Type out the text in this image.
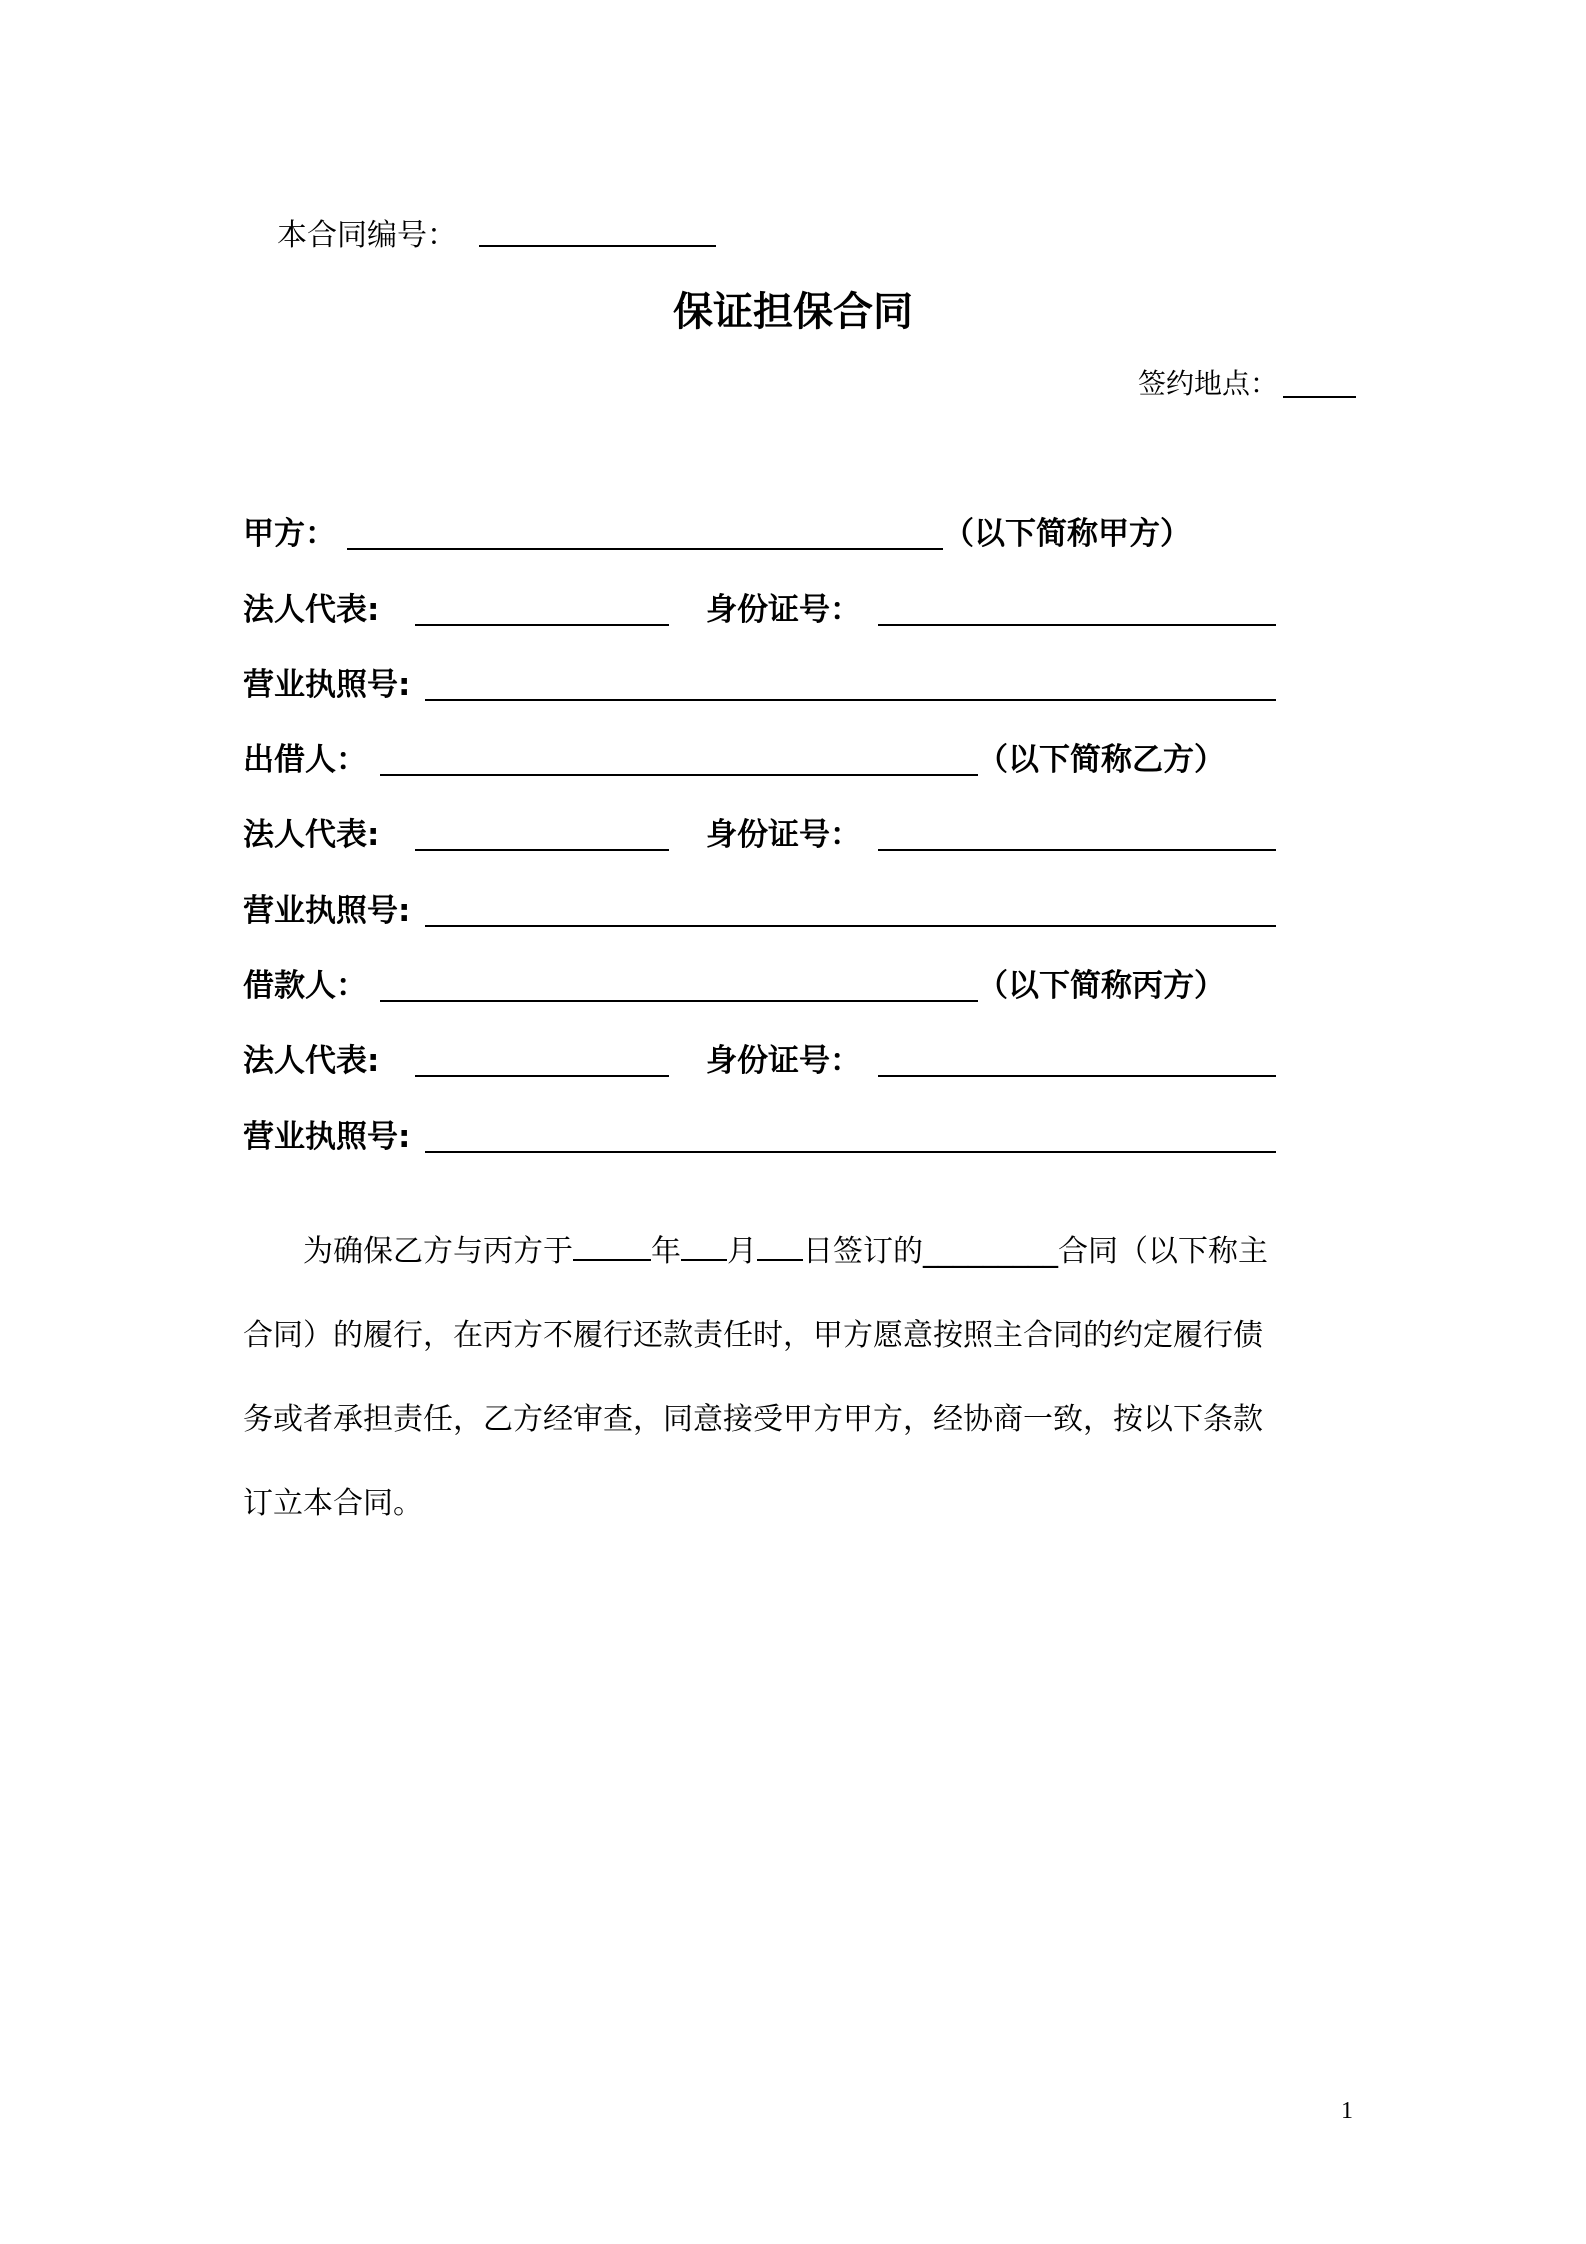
本合同编号：
保证担保合同
签约地点：
甲方：	（以下简称甲方）
法人代表:	身份证号：
营业执照号:
出借人：	（以下简称乙方）
法人代表:	身份证号：
营业执照号:
借款人：	（以下简称丙方）
法人代表:	身份证号：
营业执照号:

为确保乙方与丙方于	年 月 日签订的_________合同（以下称主

合同）的履行，在丙方不履行还款责任时，甲方愿意按照主合同的约定履行债

务或者承担责任，乙方经审查，同意接受甲方甲方，经协商一致，按以下条款

订立本合同。

1
